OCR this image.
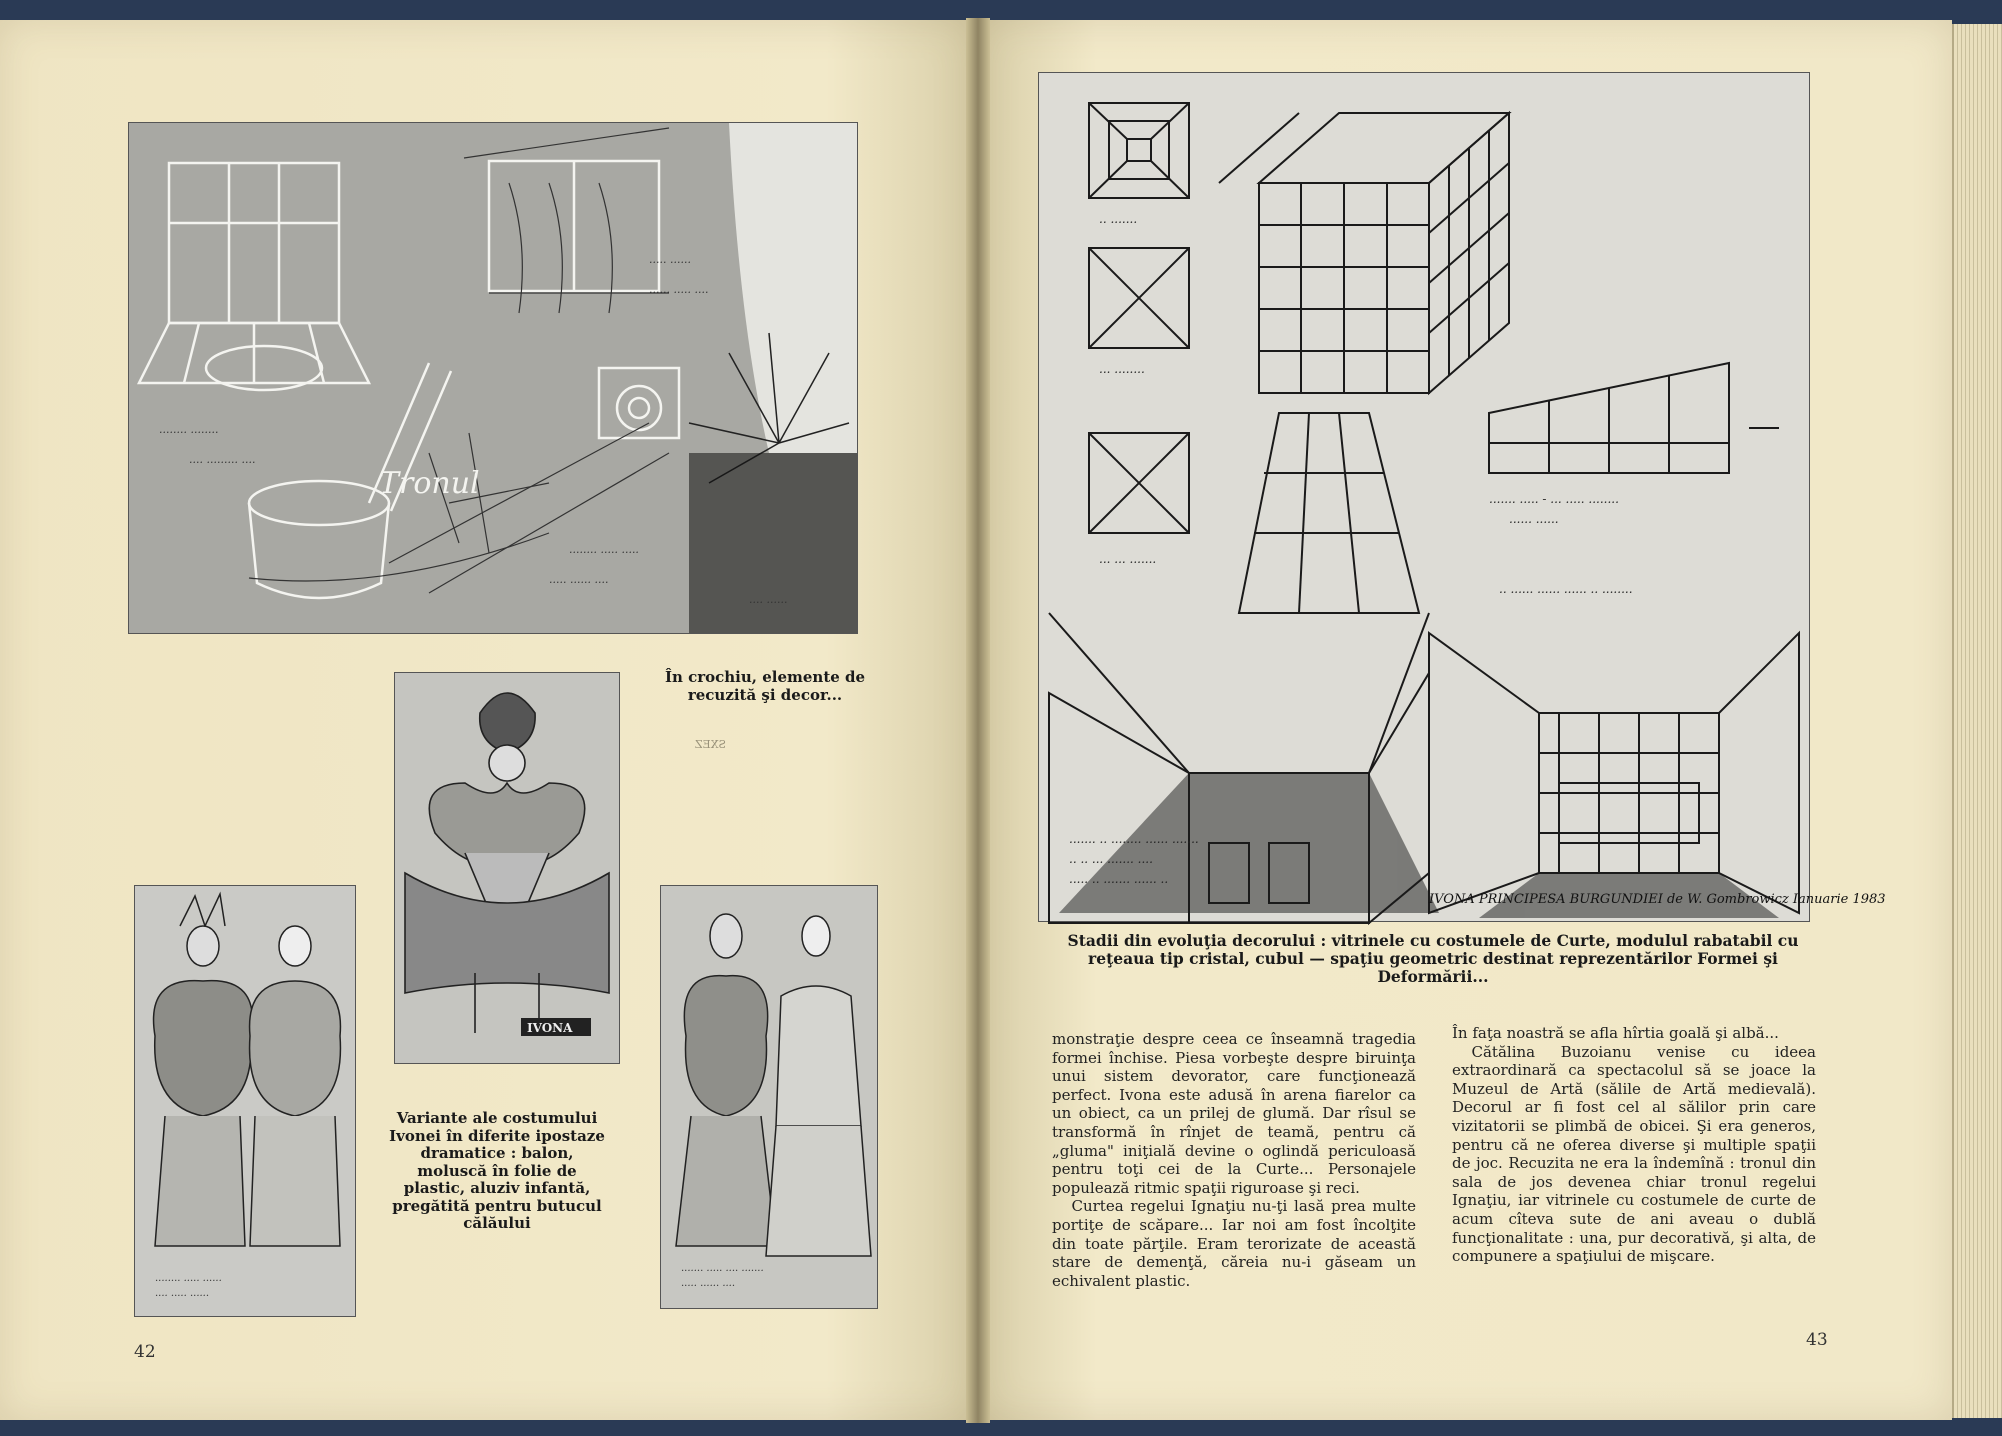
........ ........
.... ......... ....
..... ......
...... ..... ....
........ ..... .....
..... ...... ....
.... ......
Tronul
În crochiu, elemente de recuzită şi decor...
SXEZ
IVONA
........ ..... ......
.... ..... ......
Variante ale costumului Ivonei în diferite ipostaze dramatice : balon, moluscă în folie de plastic, aluziv infantă, pregătită pentru butucul călăului
....... ..... .... .......
..... ...... ....
42
.. .......
... ........
... ... .......
....... ..... - ... ..... ........
...... ......
.. ...... ...... ...... .. ........
....... .. ........ ...... .......
.. .. ... ....... ....
..... .. ....... ...... ..
IVONA PRINCIPESA BURGUNDIEI de W. Gombrowicz Ianuarie 1983
Stadii din evoluţia decorului : vitrinele cu costumele de Curte, modulul rabatabil cu reţeaua tip cristal, cubul — spaţiu geometric destinat reprezentărilor Formei şi Deformării...

monstraţie despre ceea ce înseamnă tragedia formei închise. Piesa vorbeşte despre biruinţa unui sistem devorator, care funcţionează perfect. Ivona este adusă în arena fiarelor ca un obiect, ca un prilej de glumă. Dar rîsul se transformă în rînjet de teamă, pentru că „gluma" iniţială devine o oglindă periculoasă pentru toţi cei de la Curte... Personajele populează ritmic spaţii riguroase şi reci.

Curtea regelui Ignaţiu nu-ţi lasă prea multe portiţe de scăpare... Iar noi am fost încolţite din toate părţile. Eram terorizate de această stare de demenţă, căreia nu-i găseam un echivalent plastic.

În faţa noastră se afla hîrtia goală şi albă...

Cătălina Buzoianu venise cu ideea extraordinară ca spectacolul să se joace la Muzeul de Artă (sălile de Artă medievală). Decorul ar fi fost cel al sălilor prin care vizitatorii se plimbă de obicei. Şi era generos, pentru că ne oferea diverse şi multiple spaţii de joc. Recuzita ne era la îndemînă : tronul din sala de jos devenea chiar tronul regelui Ignaţiu, iar vitrinele cu costumele de curte de acum cîteva sute de ani aveau o dublă funcţionalitate : una, pur decorativă, şi alta, de compunere a spaţiului de mişcare.

43
